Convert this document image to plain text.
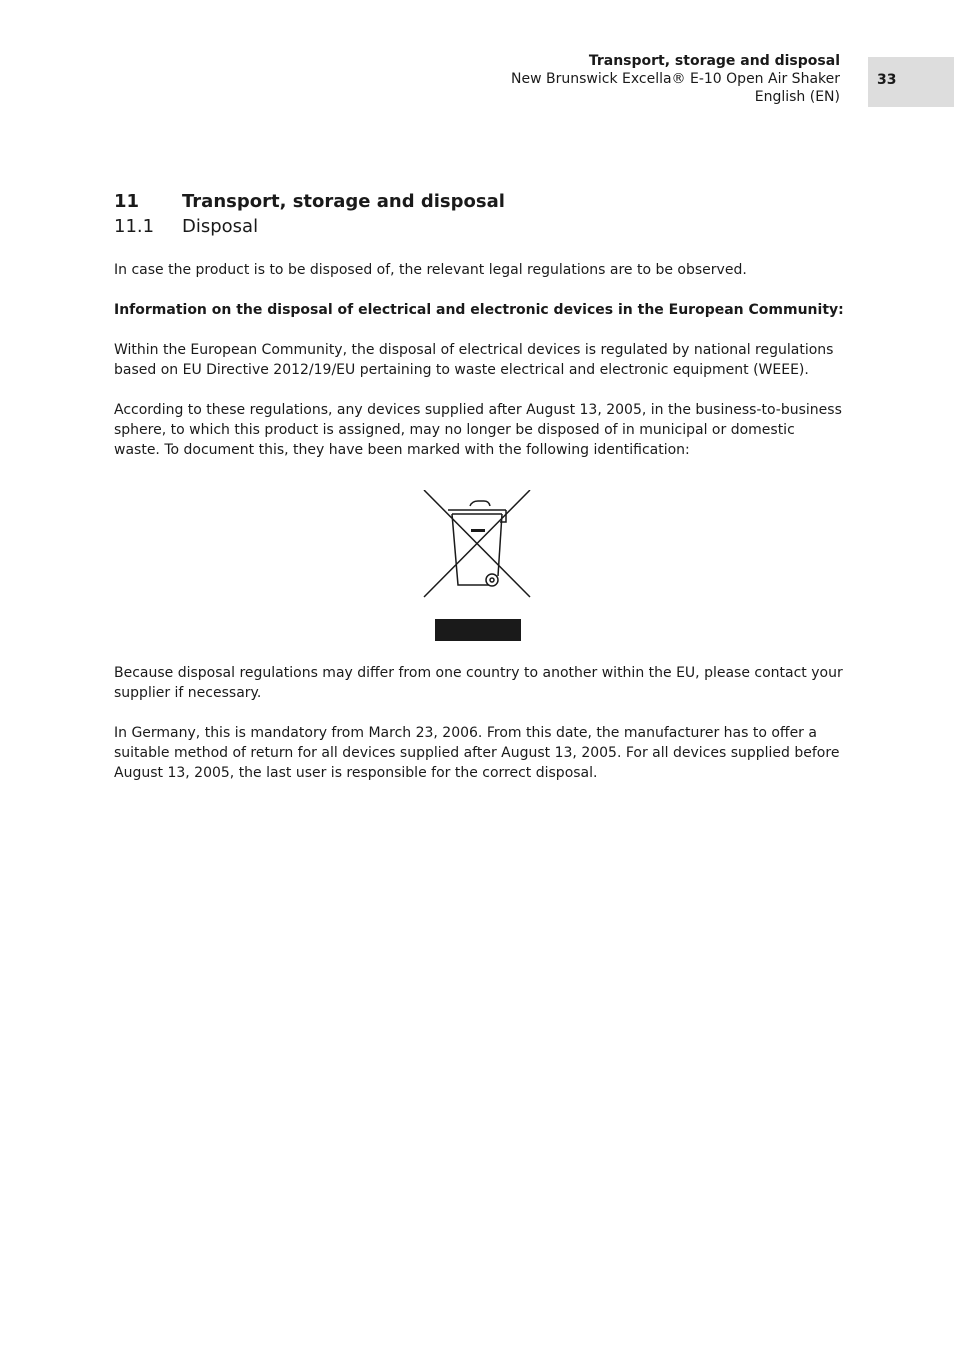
Transport, storage and disposal
New Brunswick Excella® E-10 Open Air Shaker
English (EN)
33
11	Transport, storage and disposal
11.1	Disposal

In case the product is to be disposed of, the relevant legal regulations are to be observed.

Information on the disposal of electrical and electronic devices in the European Community:

Within the European Community, the disposal of electrical devices is regulated by national regulations based on EU Directive 2012/19/EU pertaining to waste electrical and electronic equipment (WEEE).

According to these regulations, any devices supplied after August 13, 2005, in the business-to-business sphere, to which this product is assigned, may no longer be disposed of in municipal or domestic waste. To document this, they have been marked with the following identification:

Because disposal regulations may differ from one country to another within the EU, please contact your supplier if necessary.

In Germany, this is mandatory from March 23, 2006. From this date, the manufacturer has to offer a suitable method of return for all devices supplied after August 13, 2005. For all devices supplied before August 13, 2005, the last user is responsible for the correct disposal.
